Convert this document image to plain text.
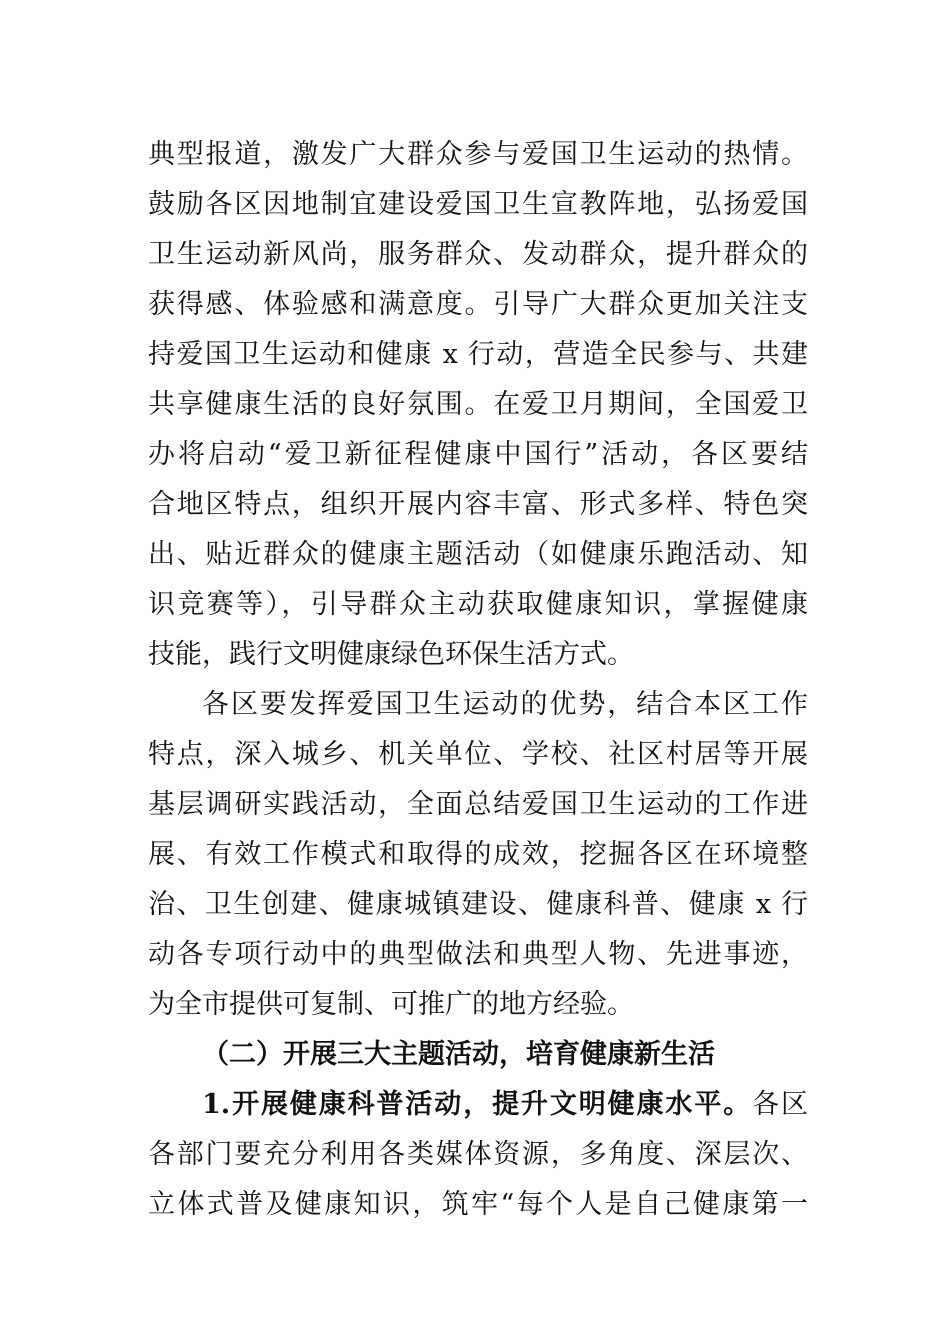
典型报道，激发广大群众参与爱国卫生运动的热情。
鼓励各区因地制宜建设爱国卫生宣教阵地，弘扬爱国
卫生运动新风尚，服务群众、发动群众，提升群众的
获得感、体验感和满意度。引导广大群众更加关注支
持爱国卫生运动和健康 x 行动，营造全民参与、共建
共享健康生活的良好氛围。在爱卫月期间，全国爱卫
办将启动“爱卫新征程健康中国行”活动，各区要结
合地区特点，组织开展内容丰富、形式多样、特色突
出、贴近群众的健康主题活动（如健康乐跑活动、知
识竞赛等），引导群众主动获取健康知识，掌握健康
技能，践行文明健康绿色环保生活方式。
各区要发挥爱国卫生运动的优势，结合本区工作
特点，深入城乡、机关单位、学校、社区村居等开展
基层调研实践活动，全面总结爱国卫生运动的工作进
展、有效工作模式和取得的成效，挖掘各区在环境整
治、卫生创建、健康城镇建设、健康科普、健康 x 行
动各专项行动中的典型做法和典型人物、先进事迹，
为全市提供可复制、可推广的地方经验。
（二）开展三大主题活动，培育健康新生活
1.开展健康科普活动，提升文明健康水平。各区
各部门要充分利用各类媒体资源，多角度、深层次、
立体式普及健康知识，筑牢“每个人是自己健康第一
